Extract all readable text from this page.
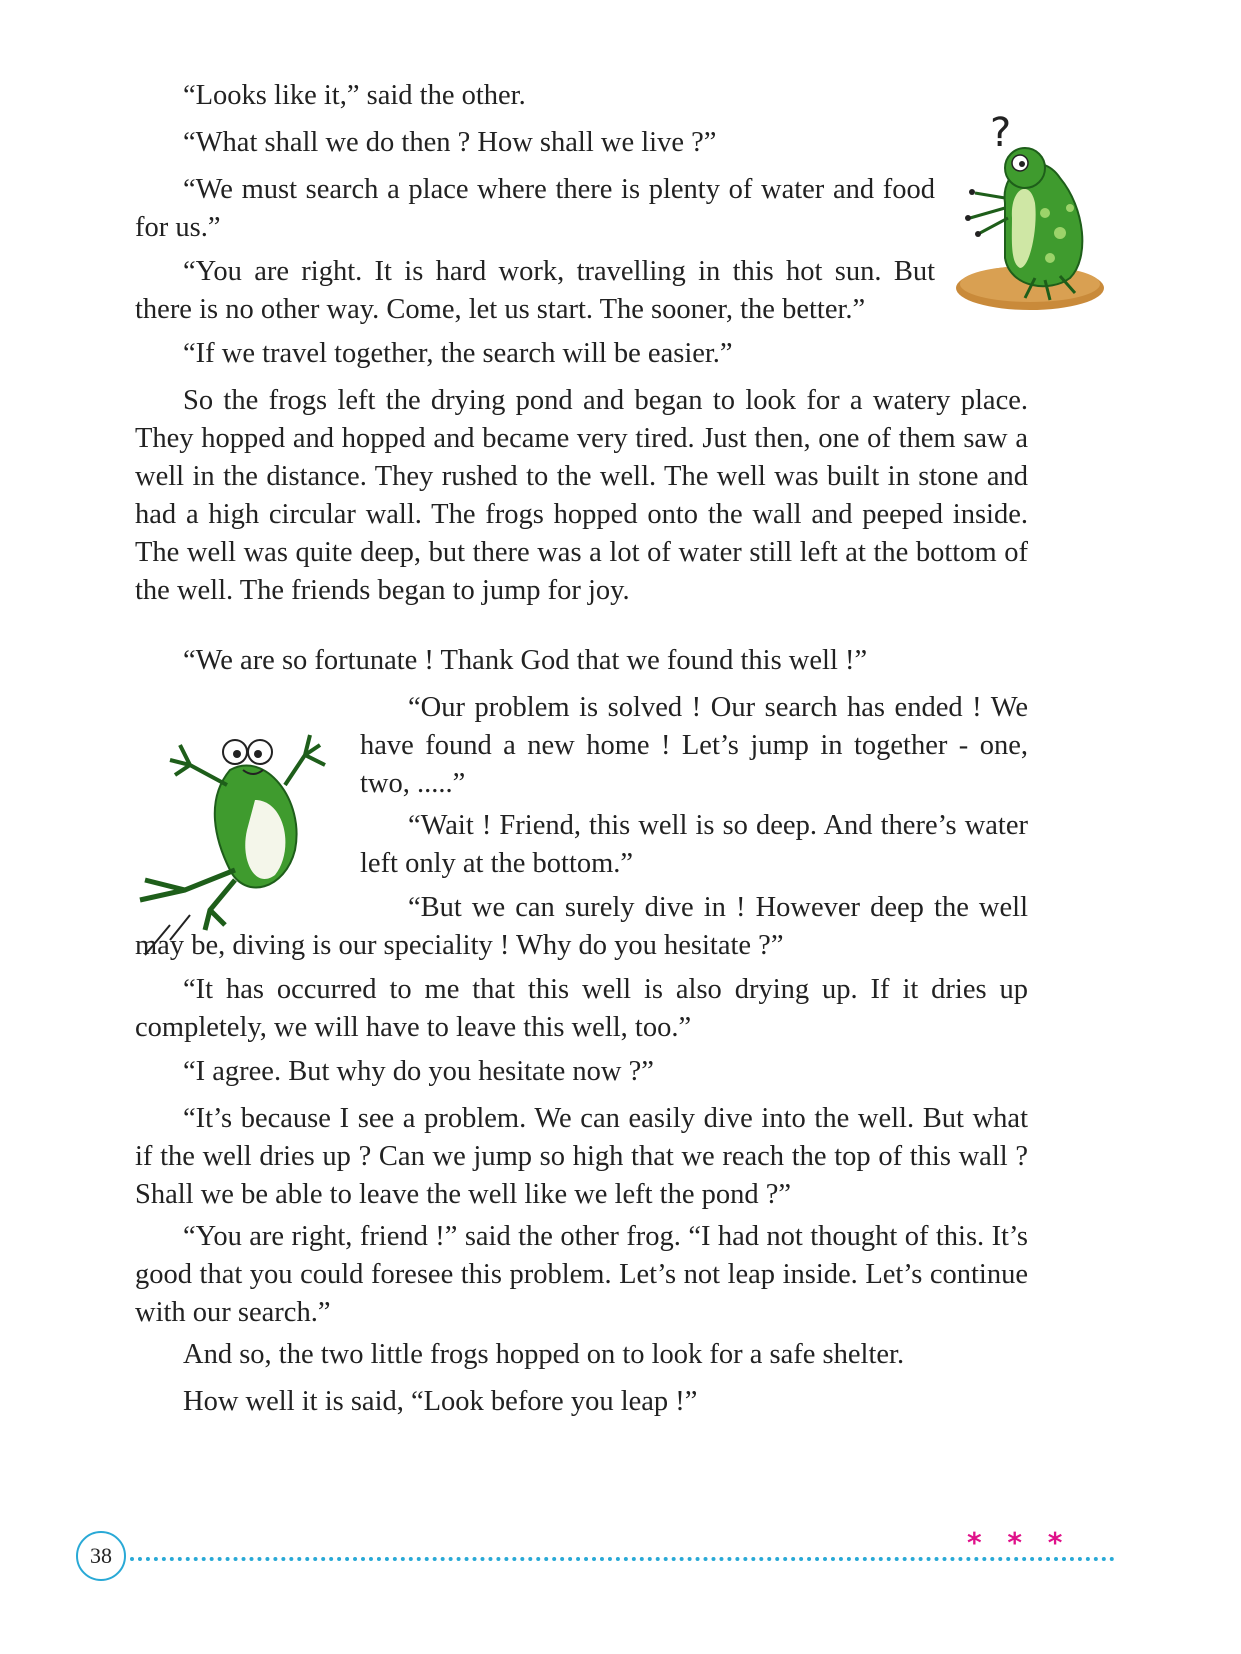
“Looks like it,” said the other.

“What shall we do then ? How shall we live ?”

“We must search a place where there is plenty of water and food for us.”

“You are right. It is hard work, travelling in this hot sun. But there is no other way. Come, let us start. The sooner, the better.”

“If we travel together, the search will be easier.”

So the frogs left the drying pond and began to look for a watery place. They hopped and hopped and became very tired. Just then, one of them saw a well in the distance. They rushed to the well. The well was built in stone and had a high circular wall. The frogs hopped onto the wall and peeped inside. The well was quite deep, but there was a lot of water still left at the bottom of the well. The friends began to jump for joy.

“We are so fortunate ! Thank God that we found this well !”

“Our problem is solved ! Our search has ended ! We have found a new home ! Let’s jump in together - one, two, .....”

“Wait ! Friend, this well is so deep. And there’s water left only at the bottom.”

“But we can surely dive in ! However deep the well may be, diving is our speciality ! Why do you hesitate ?”

“It has occurred to me that this well is also drying up. If it dries up completely, we will have to leave this well, too.”

“I agree. But why do you hesitate now ?”

“It’s because I see a problem. We can easily dive into the well. But what if the well dries up ? Can we jump so high that we reach the top of this wall ? Shall we be able to leave the well like we left the pond ?”

“You are right, friend !” said the other frog. “I had not thought of this. It’s good that you could foresee this problem. Let’s not leap inside. Let’s continue with our search.”

And so, the two little frogs hopped on to look for a safe shelter.

How well it is said, “Look before you leap !”

?
* * *
38
